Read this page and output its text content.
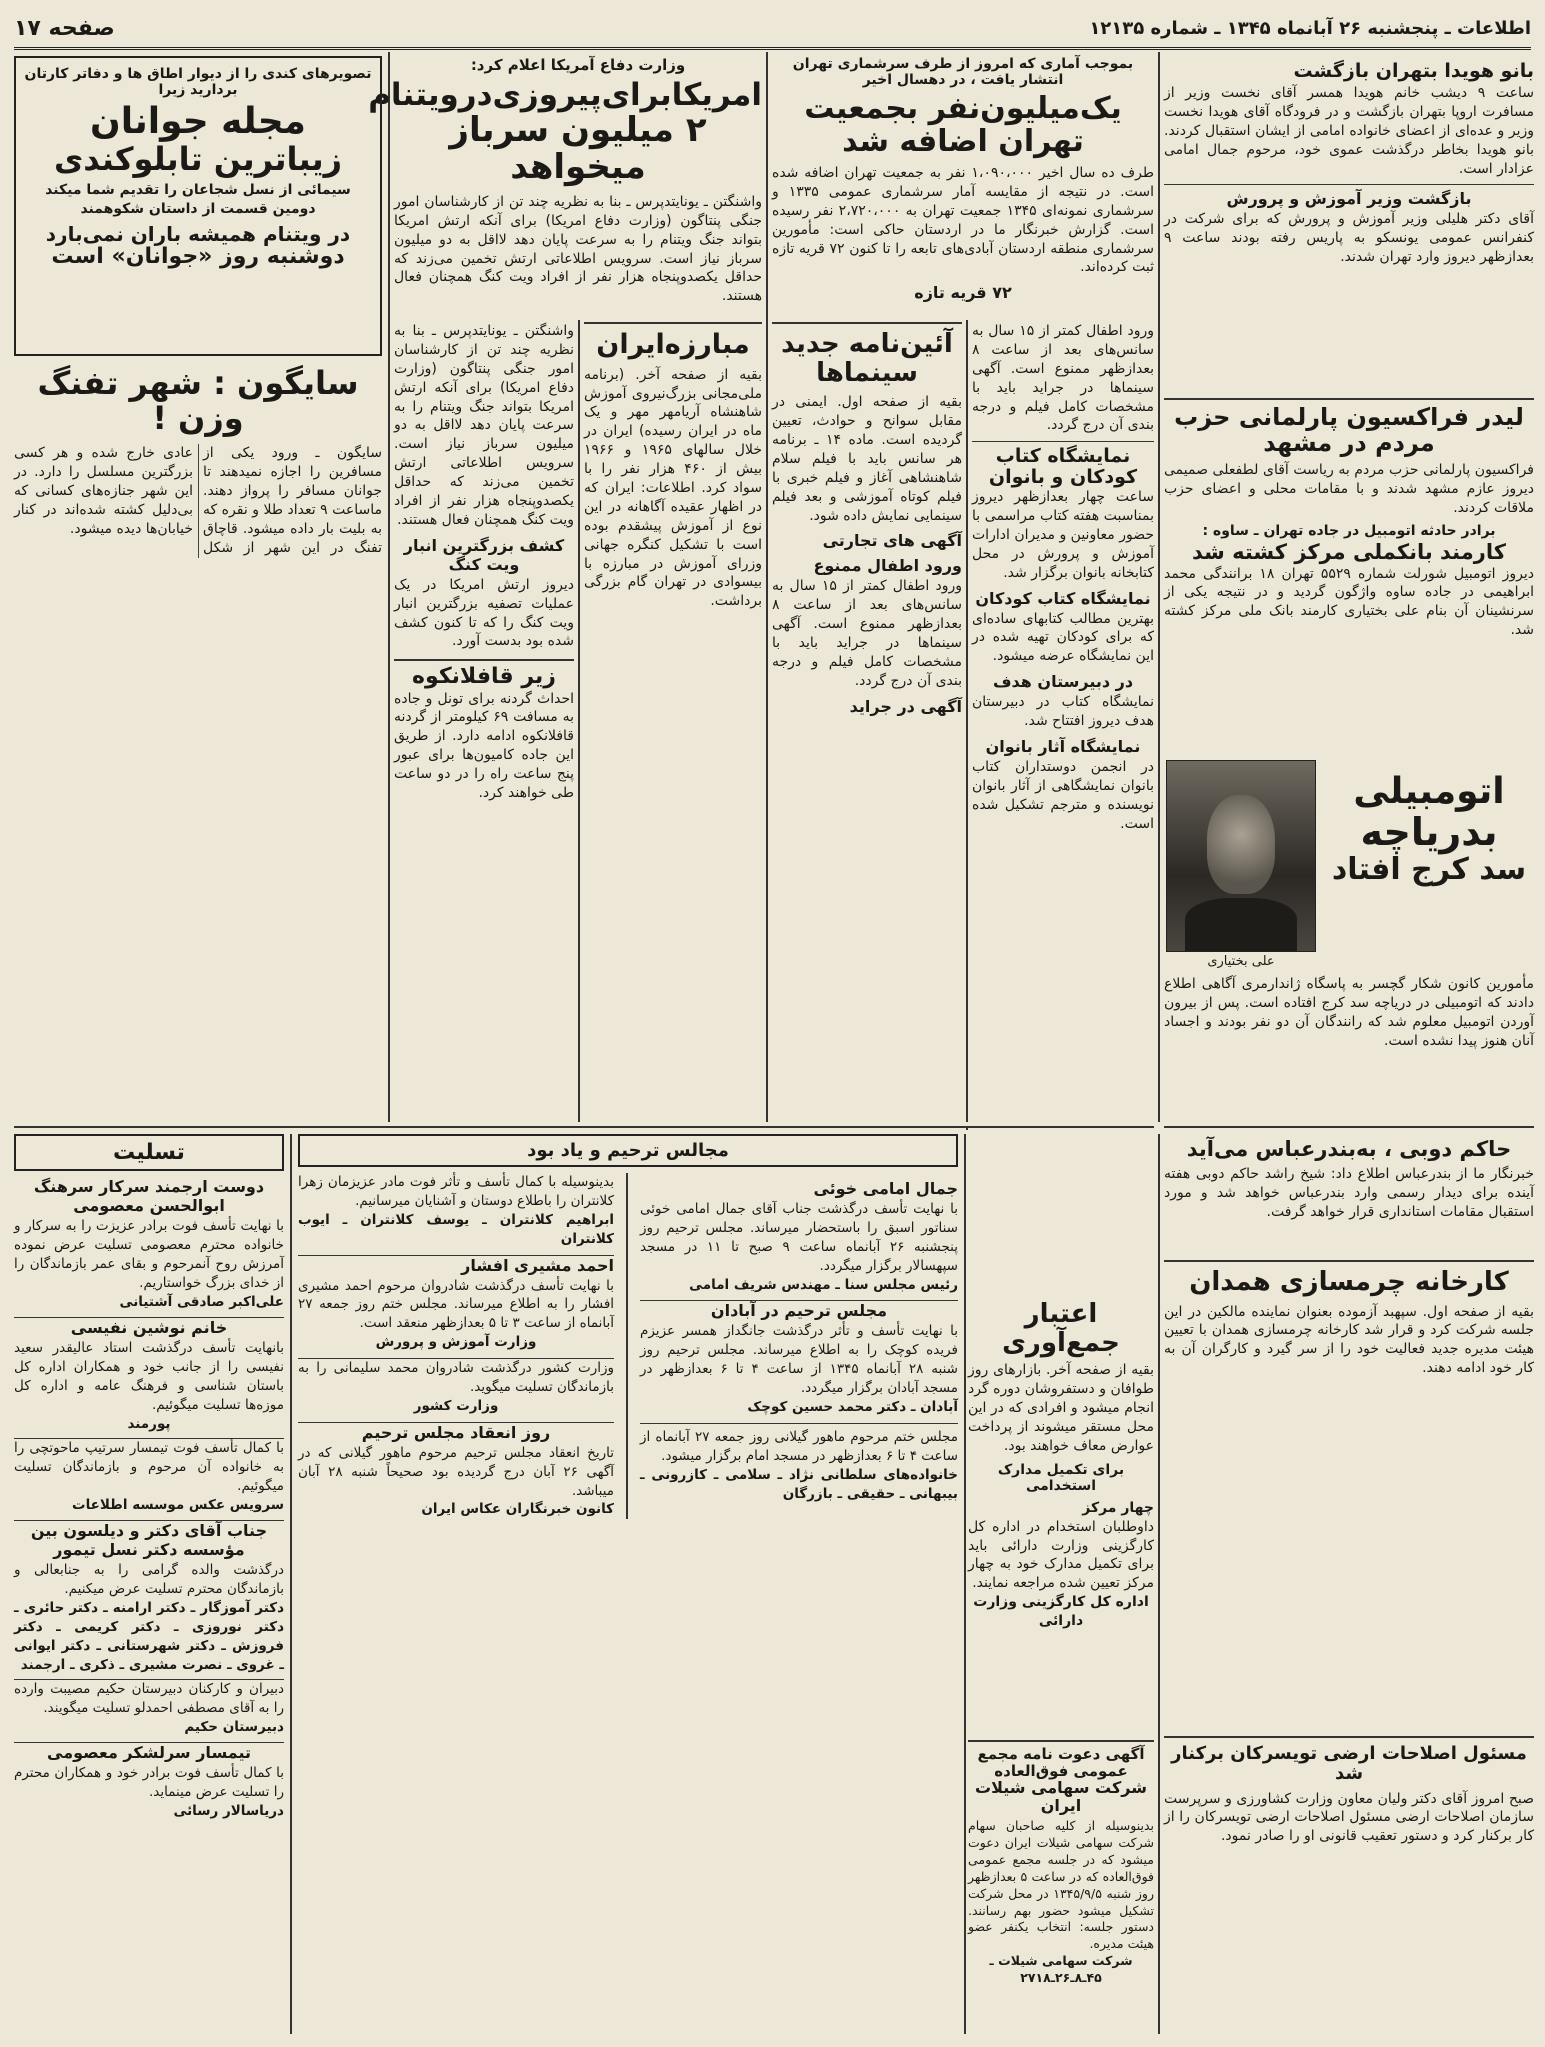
اطلاعات ـ پنجشنبه ۲۶ آبانماه ۱۳۴۵ ـ شماره ۱۲۱۳۵
صفحه ۱۷
بانو هویدا بتهران بازگشت
ساعت ۹ دیشب خانم هویدا همسر آقای نخست وزیر از مسافرت اروپا بتهران بازگشت و در فرودگاه آقای هویدا نخست وزیر و عده‌ای از اعضای خانواده امامی از ایشان استقبال کردند. بانو هویدا بخاطر درگذشت عموی خود، مرحوم جمال امامی عزادار است.
بازگشت وزیر آموزش و پرورش
آقای دکتر هلیلی وزیر آموزش و پرورش که برای شرکت در کنفرانس عمومی یونسکو به پاریس رفته بودند ساعت ۹ بعدازظهر دیروز وارد تهران شدند.
لیدر فراکسیون پارلمانی حزب مردم در مشهد
فراکسیون پارلمانی حزب مردم به ریاست آقای لطفعلی صمیمی دیروز عازم مشهد شدند و با مقامات محلی و اعضای حزب ملاقات کردند.
برادر حادثه اتومبیل در جاده تهران ـ ساوه :
کارمند بانکملی مرکز کشته شد
دیروز اتومبیل شورلت شماره ۵۵۲۹ تهران ۱۸ برانندگی محمد ابراهیمی در جاده ساوه واژگون گردید و در نتیجه یکی از سرنشینان آن بنام علی بختیاری کارمند بانک ملی مرکز کشته شد.
اتومبیلی
بدریاچه
سد کرج افتاد
علی بختیاری
مأمورین کانون شکار گچسر به پاسگاه ژاندارمری آگاهی اطلاع دادند که اتومبیلی در دریاچه سد کرج افتاده است. پس از بیرون آوردن اتومبیل معلوم شد که رانندگان آن دو نفر بودند و اجساد آنان هنوز پیدا نشده است.
بموجب آماری که امروز از طرف سرشماری تهران انتشار یافت ، در دهسال اخیر
یک‌میلیون‌نفر بجمعیت تهران اضافه شد
طرف ده سال اخیر ۱،۰۹۰،۰۰۰ نفر به جمعیت تهران اضافه شده است. در نتیجه از مقایسه آمار سرشماری عمومی ۱۳۳۵ و سرشماری نمونه‌ای ۱۳۴۵ جمعیت تهران به ۲،۷۲۰،۰۰۰ نفر رسیده است. گزارش خبرنگار ما در اردستان حاکی است: مأمورین سرشماری منطقه اردستان آبادی‌های تابعه را تا کنون ۷۲ قریه تازه ثبت کرده‌اند.
۷۲ قریه تازه
آئین‌نامه جدید سینماها
بقیه از صفحه اول. ایمنی در مقابل سوانح و حوادث، تعیین گردیده است. ماده ۱۴ ـ برنامه هر سانس باید با فیلم سلام شاهنشاهی آغاز و فیلم خبری با فیلم کوتاه آموزشی و بعد فیلم سینمایی نمایش داده شود.
آگهی های تجارتی
ورود اطفال ممنوع
ورود اطفال کمتر از ۱۵ سال به سانس‌های بعد از ساعت ۸ بعدازظهر ممنوع است. آگهی سینماها در جراید باید با مشخصات کامل فیلم و درجه بندی آن درج گردد.
آگهی در جراید
ورود اطفال کمتر از ۱۵ سال به سانس‌های بعد از ساعت ۸ بعدازظهر ممنوع است. آگهی سینماها در جراید باید با مشخصات کامل فیلم و درجه بندی آن درج گردد.
نمایشگاه کتاب کودکان و بانوان
ساعت چهار بعدازظهر دیروز بمناسبت هفته کتاب مراسمی با حضور معاونین و مدیران ادارات آموزش و پرورش در محل کتابخانه بانوان برگزار شد.
نمایشگاه کتاب کودکان
بهترین مطالب کتابهای ساده‌ای که برای کودکان تهیه شده در این نمایشگاه عرضه میشود.
در دبیرستان هدف
نمایشگاه کتاب در دبیرستان هدف دیروز افتتاح شد.
نمایشگاه آثار بانوان
در انجمن دوستداران کتاب بانوان نمایشگاهی از آثار بانوان نویسنده و مترجم تشکیل شده است.
وزارت دفاع آمریکا اعلام کرد:
امریکابرای‌پیروزی‌درویتنام
۲ میلیون سرباز میخواهد
واشنگتن ـ یونایتدپرس ـ بنا به نظریه چند تن از کارشناسان امور جنگی پنتاگون (وزارت دفاع امریکا) برای آنکه ارتش امریکا بتواند جنگ ویتنام را به سرعت پایان دهد لااقل به دو میلیون سرباز نیاز است. سرویس اطلاعاتی ارتش تخمین می‌زند که حداقل یکصدوپنجاه هزار نفر از افراد ویت کنگ همچنان فعال هستند.
مبارزه‌ایران
بقیه از صفحه آخر. (برنامه ملی‌مجانی بزرگ‌نیروی آموزش شاهنشاه آریامهر مهر و یک ماه در ایران رسیده) ایران در خلال سالهای ۱۹۶۵ و ۱۹۶۶ بیش از ۴۶۰ هزار نفر را با سواد کرد. اطلاعات: ایران که در اظهار عقیده آگاهانه در این نوع از آموزش پیشقدم بوده است با تشکیل کنگره جهانی وزرای آموزش در مبارزه با بیسوادی در تهران گام بزرگی برداشت.
واشنگتن ـ یونایتدپرس ـ بنا به نظریه چند تن از کارشناسان امور جنگی پنتاگون (وزارت دفاع امریکا) برای آنکه ارتش امریکا بتواند جنگ ویتنام را به سرعت پایان دهد لااقل به دو میلیون سرباز نیاز است. سرویس اطلاعاتی ارتش تخمین می‌زند که حداقل یکصدوپنجاه هزار نفر از افراد ویت کنگ همچنان فعال هستند.
کشف بزرگترین انبار ویت کنگ
دیروز ارتش امریکا در یک عملیات تصفیه بزرگترین انبار ویت کنگ را که تا کنون کشف شده بود بدست آورد.
زیر قافلانکوه
احداث گردنه برای تونل و جاده به مسافت ۶۹ کیلومتر از گردنه قافلانکوه ادامه دارد. از طریق این جاده کامیون‌ها برای عبور پنج ساعت راه را در دو ساعت طی خواهند کرد.
تصویرهای کندی را از دیوار اطاق ها و دفاتر کارتان بردارید زیرا
مجله جوانان
زیباترین تابلوکندی
سیمائی از نسل شجاعان را تقدیم شما میکند دومین قسمت از داستان شکوهمند
در ویتنام همیشه باران نمی‌بارد
دوشنبه روز «جوانان» است
سایگون : شهر تفنگ وزن !
سایگون ـ ورود یکی از مسافرین را اجازه نمیدهند تا جوانان مسافر را پرواز دهند. ماساعت ۹ تعداد طلا و نقره که به بلیت بار داده میشود. قاچاق تفنگ در این شهر از شکل عادی خارج شده و هر کسی بزرگترین مسلسل را دارد. در این شهر جنازه‌های کسانی که بی‌دلیل کشته شده‌اند در کنار خیابان‌ها دیده میشود.
تسلیت
دوست ارجمند سرکار سرهنگ ابوالحسن معصومی
با نهایت تأسف فوت برادر عزیزت را به سرکار و خانواده محترم معصومی تسلیت عرض نموده آمرزش روح آنمرحوم و بقای عمر بازماندگان را از خدای بزرگ خواستاریم.
علی‌اکبر صادقی آشتیانی
خانم نوشین نفیسی
بانهایت تأسف درگذشت استاد عالیقدر سعید نفیسی را از جانب خود و همکاران اداره کل باستان شناسی و فرهنگ عامه و اداره کل موزه‌ها تسلیت میگوئیم.
پورمند
با کمال تأسف فوت تیمسار سرتیپ ماحوتچی را به خانواده آن مرحوم و بازماندگان تسلیت میگوئیم.
سرویس عکس موسسه اطلاعات
جناب آقای دکتر و دیلسون بین مؤسسه دکتر نسل تیمور
درگذشت والده گرامی را به جنابعالی و بازماندگان محترم تسلیت عرض میکنیم.
دکتر آموزگار ـ دکتر ارامنه ـ دکتر حائری ـ دکتر نوروزی ـ دکتر کریمی ـ دکتر فروزش ـ دکتر شهرستانی ـ دکتر ایوانی ـ غروی ـ نصرت مشیری ـ ذکری ـ ارجمند
دبیران و کارکنان دبیرستان حکیم مصیبت وارده را به آقای مصطفی احمدلو تسلیت میگویند.
دبیرستان حکیم
تیمسار سرلشکر معصومی
با کمال تأسف فوت برادر خود و همکاران محترم را تسلیت عرض مینماید.
دریاسالار رسائی
مجالس ترحیم و یاد بود
جمال امامی خوئی
با نهایت تأسف درگذشت جناب آقای جمال امامی خوئی سناتور اسبق را باستحضار میرساند. مجلس ترحیم روز پنجشنبه ۲۶ آبانماه ساعت ۹ صبح تا ۱۱ در مسجد سپهسالار برگزار میگردد.
رئیس مجلس سنا ـ مهندس شریف امامی
مجلس ترحیم در آبادان
با نهایت تأسف و تأثر درگذشت جانگداز همسر عزیزم فریده کوچک را به اطلاع میرساند. مجلس ترحیم روز شنبه ۲۸ آبانماه ۱۳۴۵ از ساعت ۴ تا ۶ بعدازظهر در مسجد آبادان برگزار میگردد.
آبادان ـ دکتر محمد حسین کوچک
مجلس ختم مرحوم ماهور گیلانی روز جمعه ۲۷ آبانماه از ساعت ۴ تا ۶ بعدازظهر در مسجد امام برگزار میشود.
خانواده‌های سلطانی نژاد ـ سلامی ـ کازرونی ـ بیبهانی ـ حقیقی ـ بازرگان
بدینوسیله با کمال تأسف و تأثر فوت مادر عزیزمان زهرا کلانتران را باطلاع دوستان و آشنایان میرسانیم.
ابراهیم کلانتران ـ یوسف کلانتران ـ ایوب کلانتران
احمد مشیری افشار
با نهایت تأسف درگذشت شادروان مرحوم احمد مشیری افشار را به اطلاع میرساند. مجلس ختم روز جمعه ۲۷ آبانماه از ساعت ۳ تا ۵ بعدازظهر منعقد است.
وزارت آموزش و پرورش
وزارت کشور درگذشت شادروان محمد سلیمانی را به بازماندگان تسلیت میگوید.
وزارت کشور
روز انعقاد مجلس ترحیم
تاریخ انعقاد مجلس ترحیم مرحوم ماهور گیلانی که در آگهی ۲۶ آبان درج گردیده بود صحیحاً شنبه ۲۸ آبان میباشد.
کانون خبرنگاران عکاس ایران
حاکم دوبی ، به‌بندرعباس می‌آید
خبرنگار ما از بندرعباس اطلاع داد: شیخ راشد حاکم دوبی هفته آینده برای دیدار رسمی وارد بندرعباس خواهد شد و مورد استقبال مقامات استانداری قرار خواهد گرفت.
کارخانه چرمسازی همدان
بقیه از صفحه اول. سپهبد آزموده بعنوان نماینده مالکین در این جلسه شرکت کرد و قرار شد کارخانه چرمسازی همدان با تعیین هیئت مدیره جدید فعالیت خود را از سر گیرد و کارگران آن به کار خود ادامه دهند.
مسئول اصلاحات ارضی تویسرکان برکنار شد
صبح امروز آقای دکتر ولیان معاون وزارت کشاورزی و سرپرست سازمان اصلاحات ارضی مسئول اصلاحات ارضی تویسرکان را از کار برکنار کرد و دستور تعقیب قانونی او را صادر نمود.
اعتبار جمع‌آوری
بقیه از صفحه آخر. بازارهای روز طوافان و دستفروشان دوره گرد انجام میشود و افرادی که در این محل مستقر میشوند از پرداخت عوارض معاف خواهند بود.
برای تکمیل مدارک استخدامی
چهار مرکز
داوطلبان استخدام در اداره کل کارگزینی وزارت دارائی باید برای تکمیل مدارک خود به چهار مرکز تعیین شده مراجعه نمایند.
اداره کل کارگزینی وزارت دارائی
آگهی دعوت نامه مجمع عمومی فوق‌العاده
شرکت سهامی شیلات ایران
بدینوسیله از کلیه صاحبان سهام شرکت سهامی شیلات ایران دعوت میشود که در جلسه مجمع عمومی فوق‌العاده که در ساعت ۵ بعدازظهر روز شنبه ۱۳۴۵/۹/۵ در محل شرکت تشکیل میشود حضور بهم رسانند. دستور جلسه: انتخاب یکنفر عضو هیئت مدیره.
شرکت سهامی شیلات ـ ۴۵ـ۸ـ۲۶ـ۲۷۱۸
